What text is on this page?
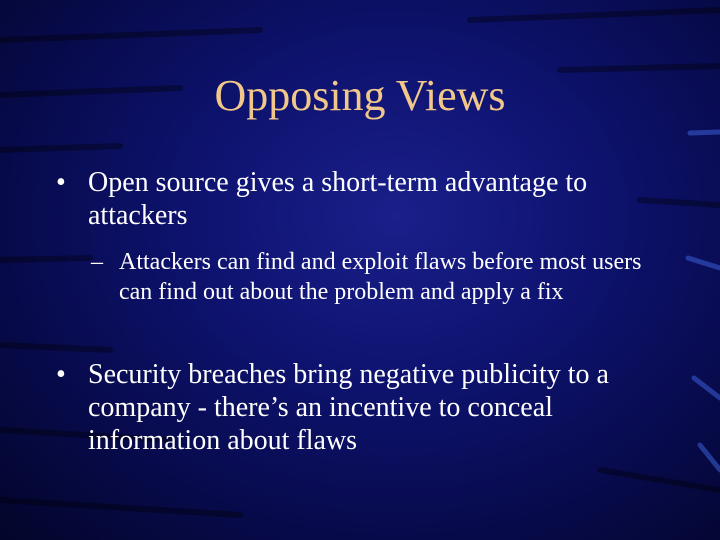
Opposing Views
• Open source gives a short-term advantage to attackers
– Attackers can find and exploit flaws before most users can find out about the problem and apply a fix
• Security breaches bring negative publicity to a company - there’s an incentive to conceal information about flaws
